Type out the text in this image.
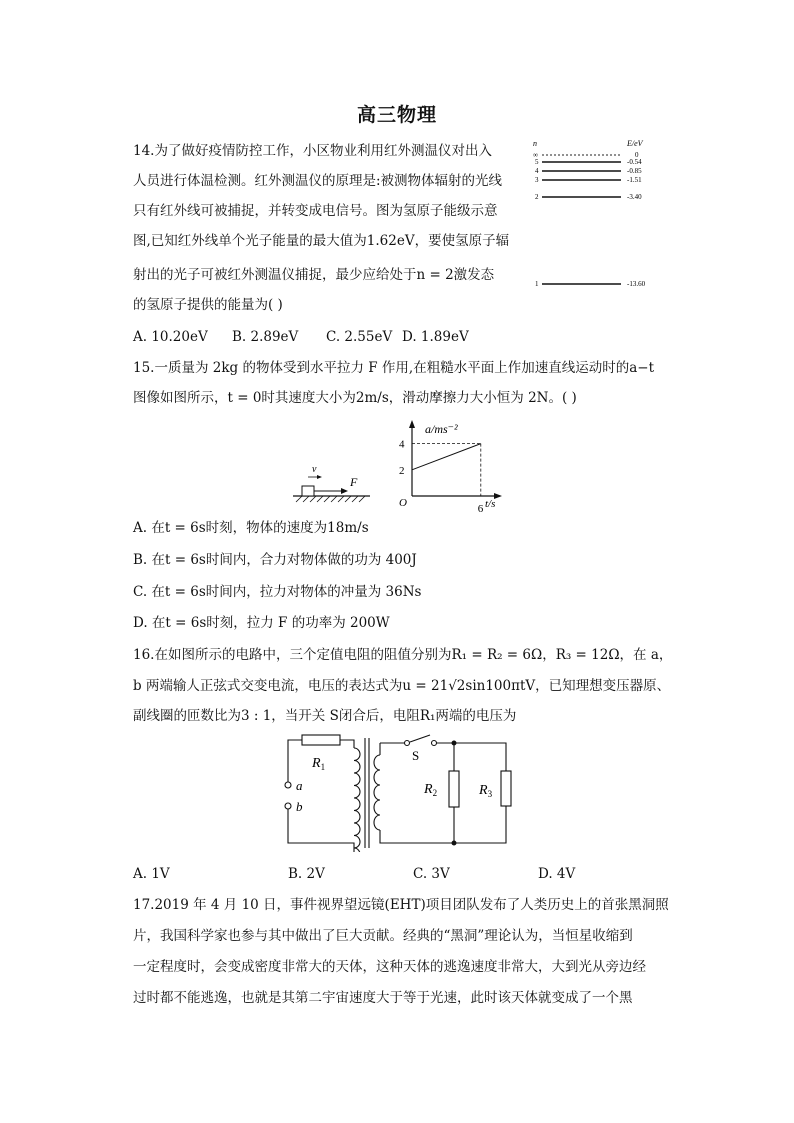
高三物理
14.为了做好疫情防控工作，小区物业利用红外测温仪对出入
人员进行体温检测。红外测温仪的原理是:被测物体辐射的光线
只有红外线可被捕捉，并转变成电信号。图为氢原子能级示意
图,已知红外线单个光子能量的最大值为1.62eV，要使氢原子辐
射出的光子可被红外测温仪捕捉，最少应给处于n = 2激发态
的氢原子提供的能量为( )
A. 10.20eV B. 2.89eV C. 2.55eV D. 1.89eV
n	E/eV
∞	0
5	-0.54
4	-0.85
3	-1.51
2	-3.40
1	-13.60
15.一质量为 2kg 的物体受到水平拉力 F 作用,在粗糙水平面上作加速直线运动时的a−t
图像如图所示，t = 0时其速度大小为2m/s，滑动摩擦力大小恒为 2N。( )
v
F
a/ms⁻²
t/s
O
4
2
6
A. 在t = 6s时刻，物体的速度为18m/s
B. 在t = 6s时间内，合力对物体做的功为 400J
C. 在t = 6s时间内，拉力对物体的冲量为 36Ns
D. 在t = 6s时刻，拉力 F 的功率为 200W
16.在如图所示的电路中，三个定值电阻的阻值分别为R₁ = R₂ = 6Ω，R₃ = 12Ω，在 a，
b 两端输人正弦式交变电流，电压的表达式为u = 21√2sin100πtV，已知理想变压器原、
副线圈的匝数比为3 : 1，当开关 S闭合后，电阻R₁两端的电压为
$R_1$
a
b
S
$R_2$	$R_3$
A. 1V	B. 2V	C. 3V	D. 4V
17.2019 年 4 月 10 日，事件视界望远镜(EHT)项目团队发布了人类历史上的首张黑洞照
片，我国科学家也参与其中做出了巨大贡献。经典的“黑洞”理论认为，当恒星收缩到
一定程度时，会变成密度非常大的天体，这种天体的逃逸速度非常大，大到光从旁边经
过时都不能逃逸，也就是其第二宇宙速度大于等于光速，此时该天体就变成了一个黑
